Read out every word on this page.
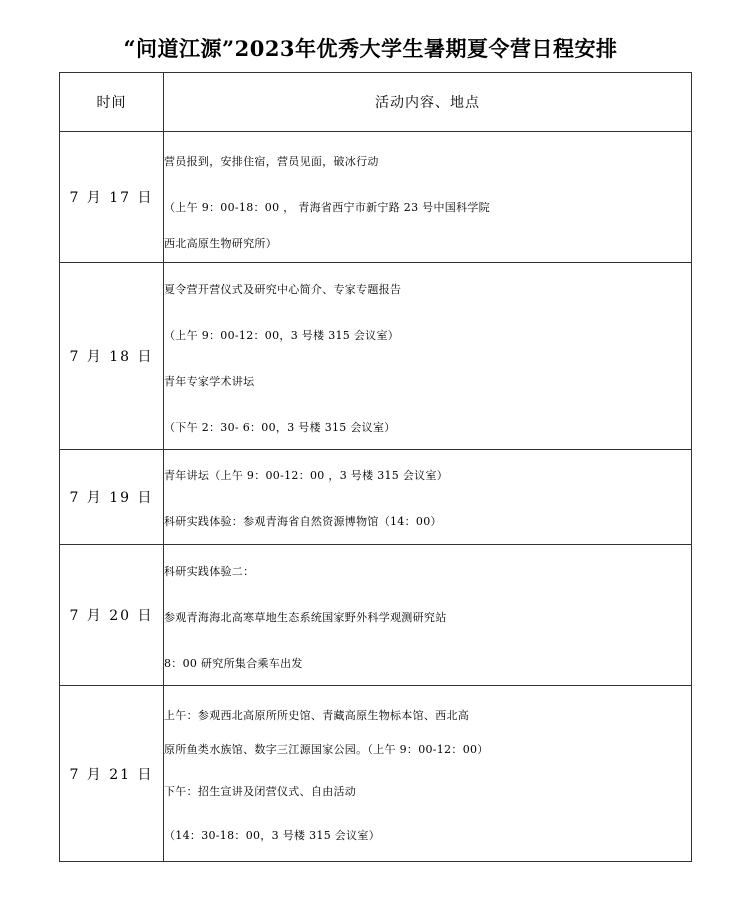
“问道江源”2023年优秀大学生暑期夏令营日程安排
时间	活动内容、地点
7 月 17 日	营员报到，安排住宿，营员见面，破冰行动

（上午 9：00-18：00 ， 青海省西宁市新宁路 23 号中国科学院

西北高原生物研究所）

7 月 18 日	夏令营开营仪式及研究中心简介、专家专题报告

（上午 9：00-12：00，3 号楼 315 会议室）

青年专家学术讲坛

（下午 2：30- 6：00，3 号楼 315 会议室）

7 月 19 日	青年讲坛（上午 9：00-12：00 ，3 号楼 315 会议室）

科研实践体验：参观青海省自然资源博物馆（14：00）

7 月 20 日	科研实践体验二：

参观青海海北高寒草地生态系统国家野外科学观测研究站

8：00 研究所集合乘车出发

7 月 21 日	上午：参观西北高原所所史馆、青藏高原生物标本馆、西北高

原所鱼类水族馆、数字三江源国家公园。（上午 9：00-12：00）

下午：招生宣讲及闭营仪式、自由活动

（14：30-18：00，3 号楼 315 会议室）
